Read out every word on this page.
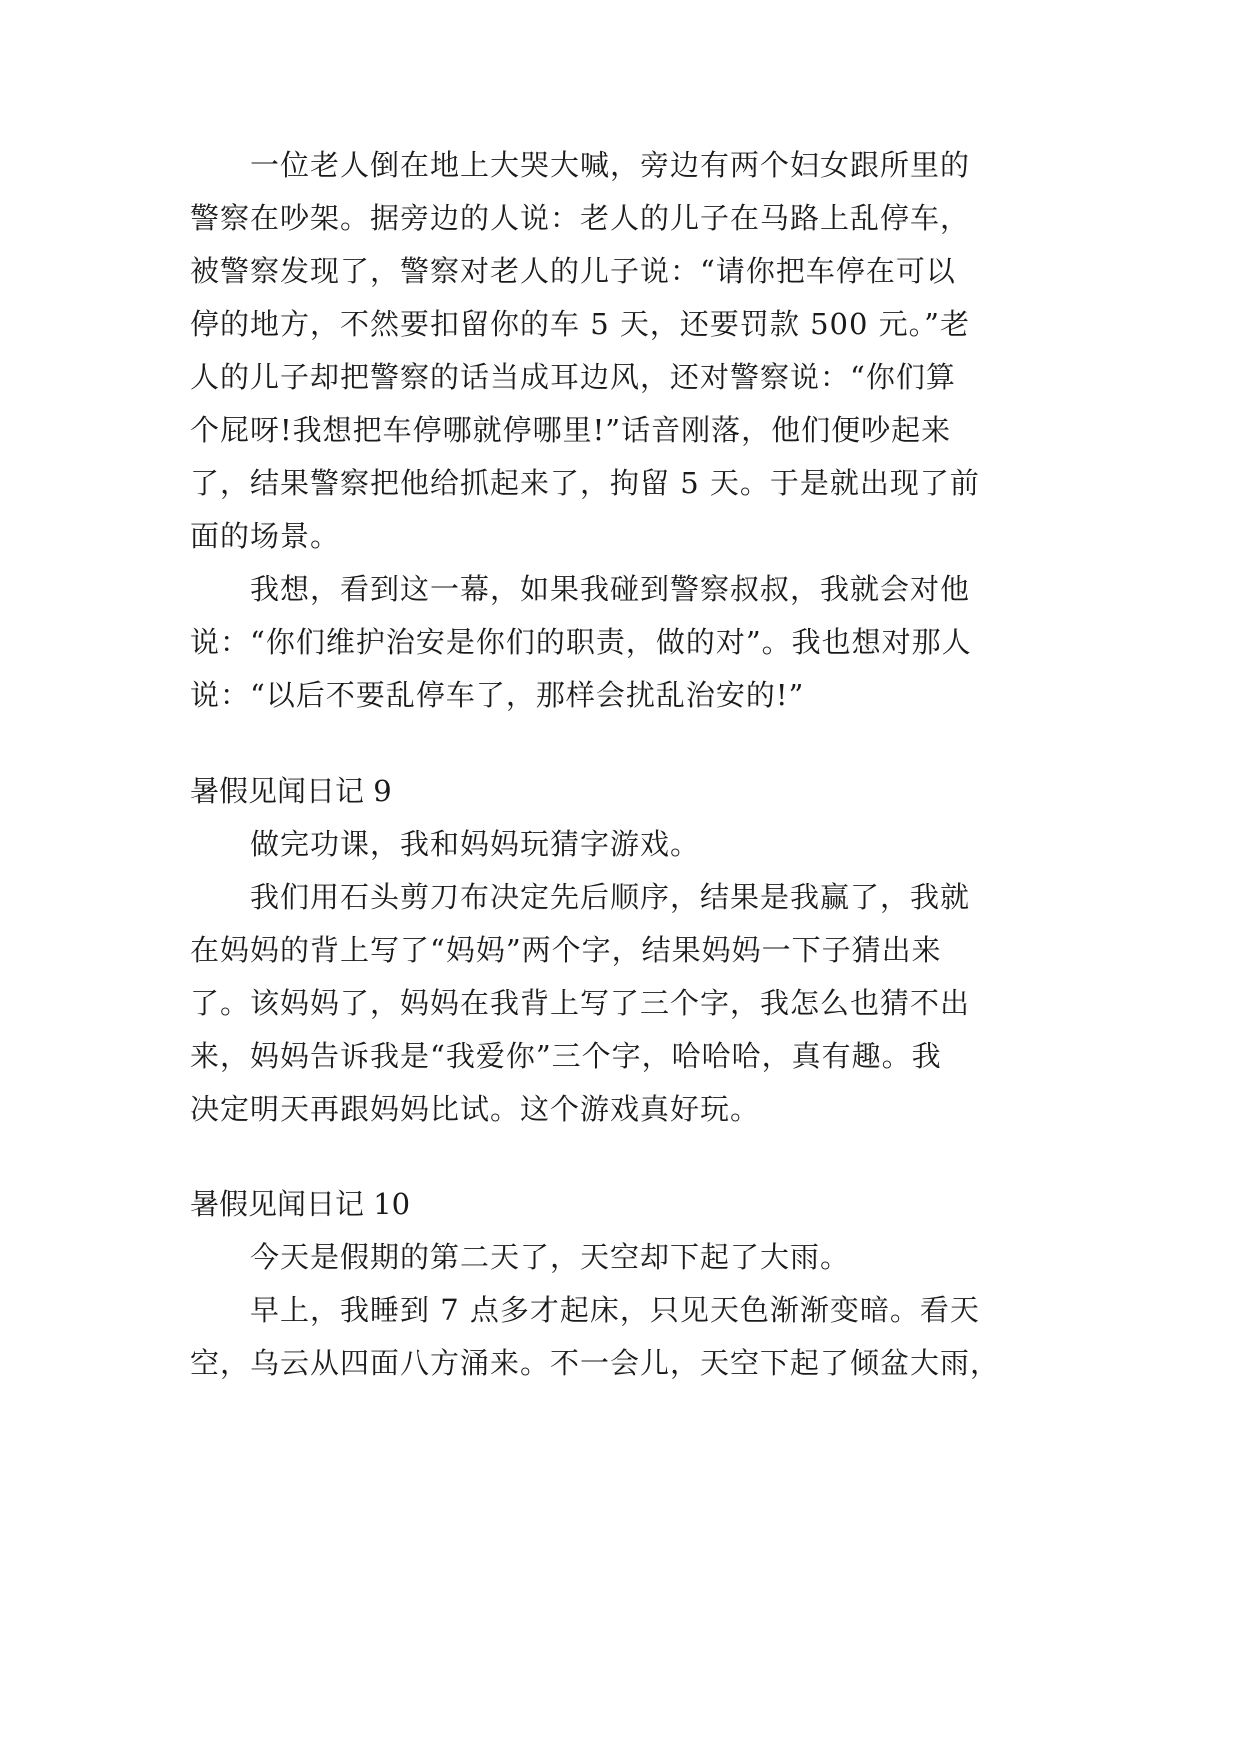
一位老人倒在地上大哭大喊，旁边有两个妇女跟所里的
警察在吵架。据旁边的人说：老人的儿子在马路上乱停车，
被警察发现了，警察对老人的儿子说：“请你把车停在可以
停的地方，不然要扣留你的车 5 天，还要罚款 500 元。”老
人的儿子却把警察的话当成耳边风，还对警察说：“你们算
个屁呀!我想把车停哪就停哪里!”话音刚落，他们便吵起来
了，结果警察把他给抓起来了，拘留 5 天。于是就出现了前
面的场景。
我想，看到这一幕，如果我碰到警察叔叔，我就会对他
说：“你们维护治安是你们的职责，做的对”。我也想对那人
说：“以后不要乱停车了，那样会扰乱治安的!”
暑假见闻日记 9
做完功课，我和妈妈玩猜字游戏。
我们用石头剪刀布决定先后顺序，结果是我赢了，我就
在妈妈的背上写了“妈妈”两个字，结果妈妈一下子猜出来
了。该妈妈了，妈妈在我背上写了三个字，我怎么也猜不出
来，妈妈告诉我是“我爱你”三个字，哈哈哈，真有趣。我
决定明天再跟妈妈比试。这个游戏真好玩。
暑假见闻日记 10
今天是假期的第二天了，天空却下起了大雨。
早上，我睡到 7 点多才起床，只见天色渐渐变暗。看天
空，乌云从四面八方涌来。不一会儿，天空下起了倾盆大雨，
